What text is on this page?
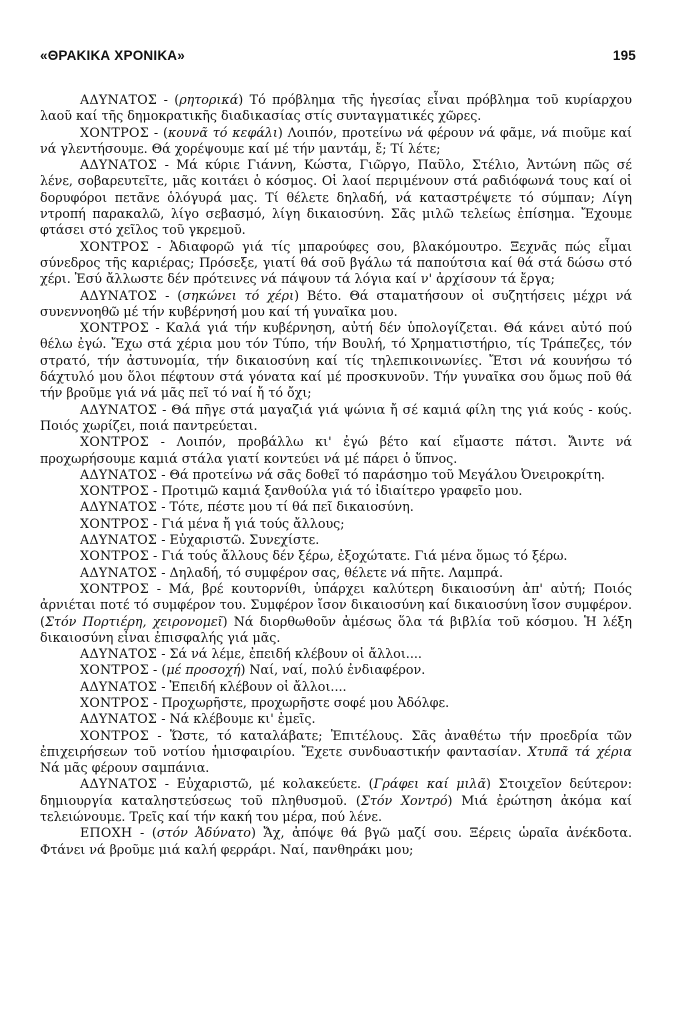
«ΘΡΑΚΙΚΑ ΧΡΟΝΙΚΑ»	195

ΑΔΥΝΑΤΟΣ - (ρητορικά) Τό πρόβλημα τῆς ἡγεσίας εἶναι πρόβλημα τοῦ κυρίαρχου λαοῦ καί τῆς δημοκρατικῆς διαδικασίας στίς συνταγματικές χῶρες.

ΧΟΝΤΡΟΣ - (κουνᾶ τό κεφάλι) Λοιπόν, προτείνω νά φέρουν νά φᾶμε, νά πιοῦμε καί νά γλεντήσουμε. Θά χορέψουμε καί μέ τήν μαντάμ, ἔ; Τί λέτε;

ΑΔΥΝΑΤΟΣ - Μά κύριε Γιάννη, Κώστα, Γιῶργο, Παῦλο, Στέλιο, Ἀντώνη πῶς σέ λένε, σοβαρευτεῖτε, μᾶς κοιτάει ὁ κόσμος. Οἱ λαοί περιμένουν στά ραδιόφωνά τους καί οἱ δορυφόροι πετᾶνε ὁλόγυρά μας. Τί θέλετε δηλαδή, νά καταστρέψετε τό σύμπαν; Λίγη ντροπή παρακαλῶ, λίγο σεβασμό, λίγη δικαιοσύνη. Σᾶς μιλῶ τελείως ἐπίσημα. Ἔχουμε φτάσει στό χεῖλος τοῦ γκρεμοῦ.

ΧΟΝΤΡΟΣ - Ἀδιαφορῶ γιά τίς μπαρούφες σου, βλακόμουτρο. Ξεχνᾶς πώς εἶμαι σύνεδρος τῆς καριέρας; Πρόσεξε, γιατί θά σοῦ βγάλω τά παπούτσια καί θά στά δώσω στό χέρι. Ἐσύ ἄλλωστε δέν πρότεινες νά πάψουν τά λόγια καί ν' ἀρχίσουν τά ἔργα;

ΑΔΥΝΑΤΟΣ - (σηκώνει τό χέρι) Βέτο. Θά σταματήσουν οἱ συζητήσεις μέχρι νά συνεννοηθῶ μέ τήν κυβέρνησή μου καί τή γυναῖκα μου.

ΧΟΝΤΡΟΣ - Καλά γιά τήν κυβέρνηση, αὐτή δέν ὑπολογίζεται. Θά κάνει αὐτό πού θέλω ἐγώ. Ἔχω στά χέρια μου τόν Τύπο, τήν Βουλή, τό Χρηματιστήριο, τίς Τράπεζες, τόν στρατό, τήν ἀστυνομία, τήν δικαιοσύνη καί τίς τηλεπικοινωνίες. Ἔτσι νά κουνήσω τό δάχτυλό μου ὅλοι πέφτουν στά γόνατα καί μέ προσκυνοῦν. Τήν γυναῖκα σου ὅμως ποῦ θά τήν βροῦμε γιά νά μᾶς πεῖ τό ναί ἤ τό ὄχι;

ΑΔΥΝΑΤΟΣ - Θά πῆγε στά μαγαζιά γιά ψώνια ἤ σέ καμιά φίλη της γιά κούς - κούς. Ποιός χωρίζει, ποιά παντρεύεται.

ΧΟΝΤΡΟΣ - Λοιπόν, προβάλλω κι' ἐγώ βέτο καί εἴμαστε πάτσι. Ἄιντε νά προχωρήσουμε καμιά στάλα γιατί κοντεύει νά μέ πάρει ὁ ὕπνος.

ΑΔΥΝΑΤΟΣ - Θά προτείνω νά σᾶς δοθεῖ τό παράσημο τοῦ Μεγάλου Ὀνειροκρίτη.

ΧΟΝΤΡΟΣ - Προτιμῶ καμιά ξανθούλα γιά τό ἰδιαίτερο γραφεῖο μου.

ΑΔΥΝΑΤΟΣ - Τότε, πέστε μου τί θά πεῖ δικαιοσύνη.

ΧΟΝΤΡΟΣ - Γιά μένα ἤ γιά τούς ἄλλους;

ΑΔΥΝΑΤΟΣ - Εὐχαριστῶ. Συνεχίστε.

ΧΟΝΤΡΟΣ - Γιά τούς ἄλλους δέν ξέρω, ἐξοχώτατε. Γιά μένα ὅμως τό ξέρω.

ΑΔΥΝΑΤΟΣ - Δηλαδή, τό συμφέρον σας, θέλετε νά πῆτε. Λαμπρά.

ΧΟΝΤΡΟΣ - Μά, βρέ κουτορνίθι, ὑπάρχει καλύτερη δικαιοσύνη ἀπ' αὐτή; Ποιός ἀρνιέται ποτέ τό συμφέρον του. Συμφέρον ἴσον δικαιοσύνη καί δικαιοσύνη ἴσον συμφέρον. (Στόν Πορτιέρη, χειρονομεῖ) Νά διορθωθοῦν ἀμέσως ὅλα τά βιβλία τοῦ κόσμου. Ἡ λέξη δικαιοσύνη εἶναι ἐπισφαλής γιά μᾶς.

ΑΔΥΝΑΤΟΣ - Σά νά λέμε, ἐπειδή κλέβουν οἱ ἄλλοι....

ΧΟΝΤΡΟΣ - (μέ προσοχή) Ναί, ναί, πολύ ἐνδιαφέρον.

ΑΔΥΝΑΤΟΣ - Ἐπειδή κλέβουν οἱ ἄλλοι....

ΧΟΝΤΡΟΣ - Προχωρῆστε, προχωρῆστε σοφέ μου Ἀδόλφε.

ΑΔΥΝΑΤΟΣ - Νά κλέβουμε κι' ἐμεῖς.

ΧΟΝΤΡΟΣ - Ὥστε, τό καταλάβατε; Ἐπιτέλους. Σᾶς ἀναθέτω τήν προεδρία τῶν ἐπιχειρήσεων τοῦ νοτίου ἡμισφαιρίου. Ἔχετε συνδυαστικήν φαντασίαν. Χτυπᾶ τά χέρια Νά μᾶς φέρουν σαμπάνια.

ΑΔΥΝΑΤΟΣ - Εὐχαριστῶ, μέ κολακεύετε. (Γράφει καί μιλᾶ) Στοιχεῖον δεύτερον: δημιουργία καταληστεύσεως τοῦ πληθυσμοῦ. (Στόν Χοντρό) Μιά ἐρώτηση ἀκόμα καί τελειώνουμε. Τρεῖς καί τήν κακή του μέρα, πού λένε.

ΕΠΟΧΗ - (στόν Ἀδύνατο) Ἄχ, ἀπόψε θά βγῶ μαζί σου. Ξέρεις ὡραῖα ἀνέκδοτα. Φτάνει νά βροῦμε μιά καλή φερράρι. Ναί, πανθηράκι μου;
